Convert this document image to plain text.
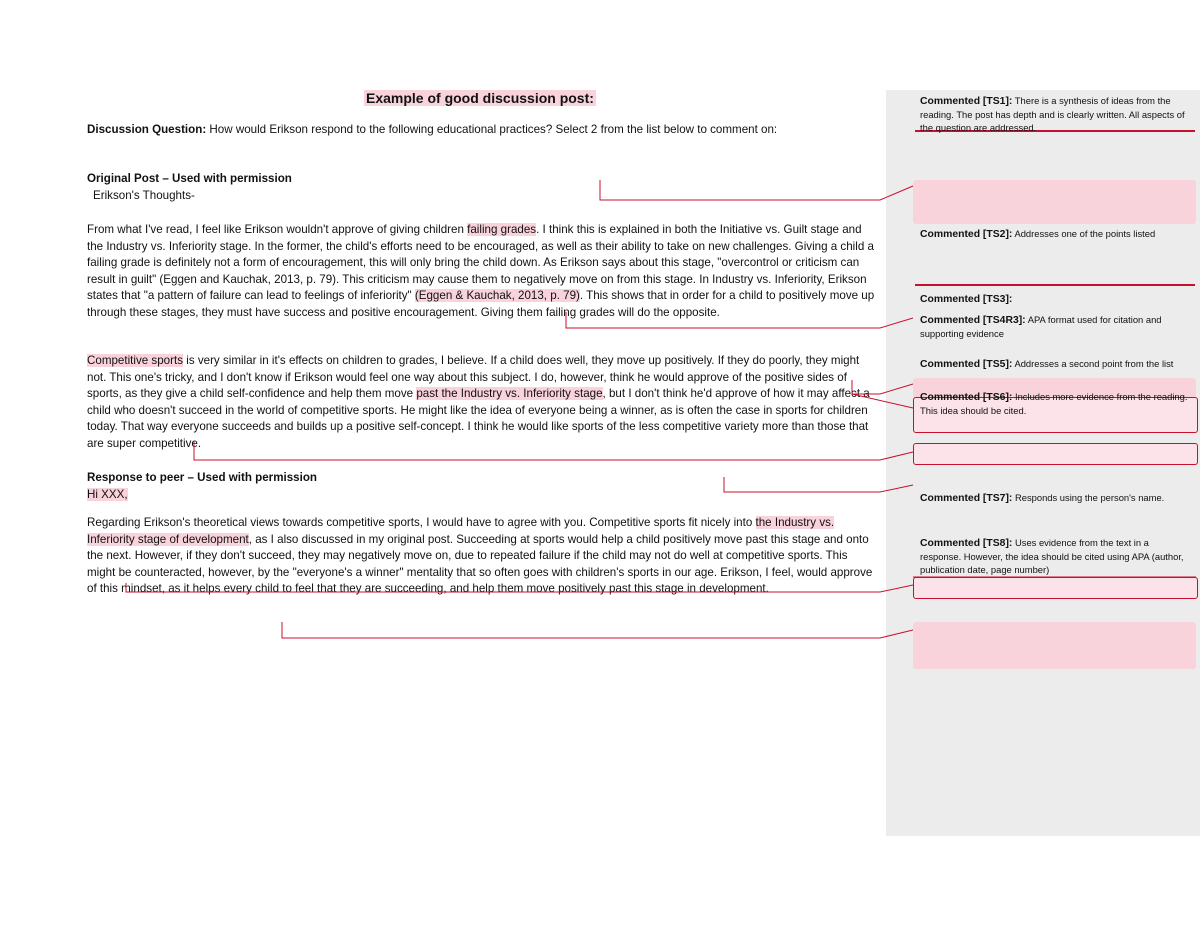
Example of good discussion post:
Discussion Question: How would Erikson respond to the following educational practices? Select 2 from the list below to comment on:
Original Post – Used with permission
Erikson's Thoughts-

From what I've read, I feel like Erikson wouldn't approve of giving children failing grades. I think this is explained in both the Initiative vs. Guilt stage and the Industry vs. Inferiority stage. In the former, the child's efforts need to be encouraged, as well as their ability to take on new challenges. Giving a child a failing grade is definitely not a form of encouragement, this will only bring the child down. As Erikson says about this stage, "overcontrol or criticism can result in guilt" (Eggen and Kauchak, 2013, p. 79). This criticism may cause them to negatively move on from this stage. In Industry vs. Inferiority, Erikson states that "a pattern of failure can lead to feelings of inferiority" (Eggen & Kauchak, 2013, p. 79). This shows that in order for a child to positively move up through these stages, they must have success and positive encouragement. Giving them failing grades will do the opposite.

Competitive sports is very similar in it's effects on children to grades, I believe. If a child does well, they move up positively. If they do poorly, they might not. This one's tricky, and I don't know if Erikson would feel one way about this subject. I do, however, think he would approve of the positive sides of sports, as they give a child self-confidence and help them move past the Industry vs. Inferiority stage, but I don't think he'd approve of how it may affect a child who doesn't succeed in the world of competitive sports. He might like the idea of everyone being a winner, as is often the case in sports for children today. That way everyone succeeds and builds up a positive self-concept. I think he would like sports of the less competitive variety more than those that are super competitive.

Response to peer – Used with permission
Hi XXX,

Regarding Erikson's theoretical views towards competitive sports, I would have to agree with you. Competitive sports fit nicely into the Industry vs. Inferiority stage of development, as I also discussed in my original post. Succeeding at sports would help a child positively move past this stage and onto the next. However, if they don't succeed, they may negatively move on, due to repeated failure if the child may not do well at competitive sports. This might be counteracted, however, by the "everyone's a winner" mentality that so often goes with children's sports in our age. Erikson, I feel, would approve of this mindset, as it helps every child to feel that they are succeeding, and help them move positively past this stage in development.

Commented [TS1]: There is a synthesis of ideas from the reading. The post has depth and is clearly written. All aspects of the question are addressed.
Commented [TS2]: Addresses one of the points listed
Commented [TS3]:
Commented [TS4R3]: APA format used for citation and supporting evidence
Commented [TS5]: Addresses a second point from the list
Commented [TS6]: Includes more evidence from the reading. This idea should be cited.
Commented [TS7]: Responds using the person's name.
Commented [TS8]: Uses evidence from the text in a response. However, the idea should be cited using APA (author, publication date, page number)
